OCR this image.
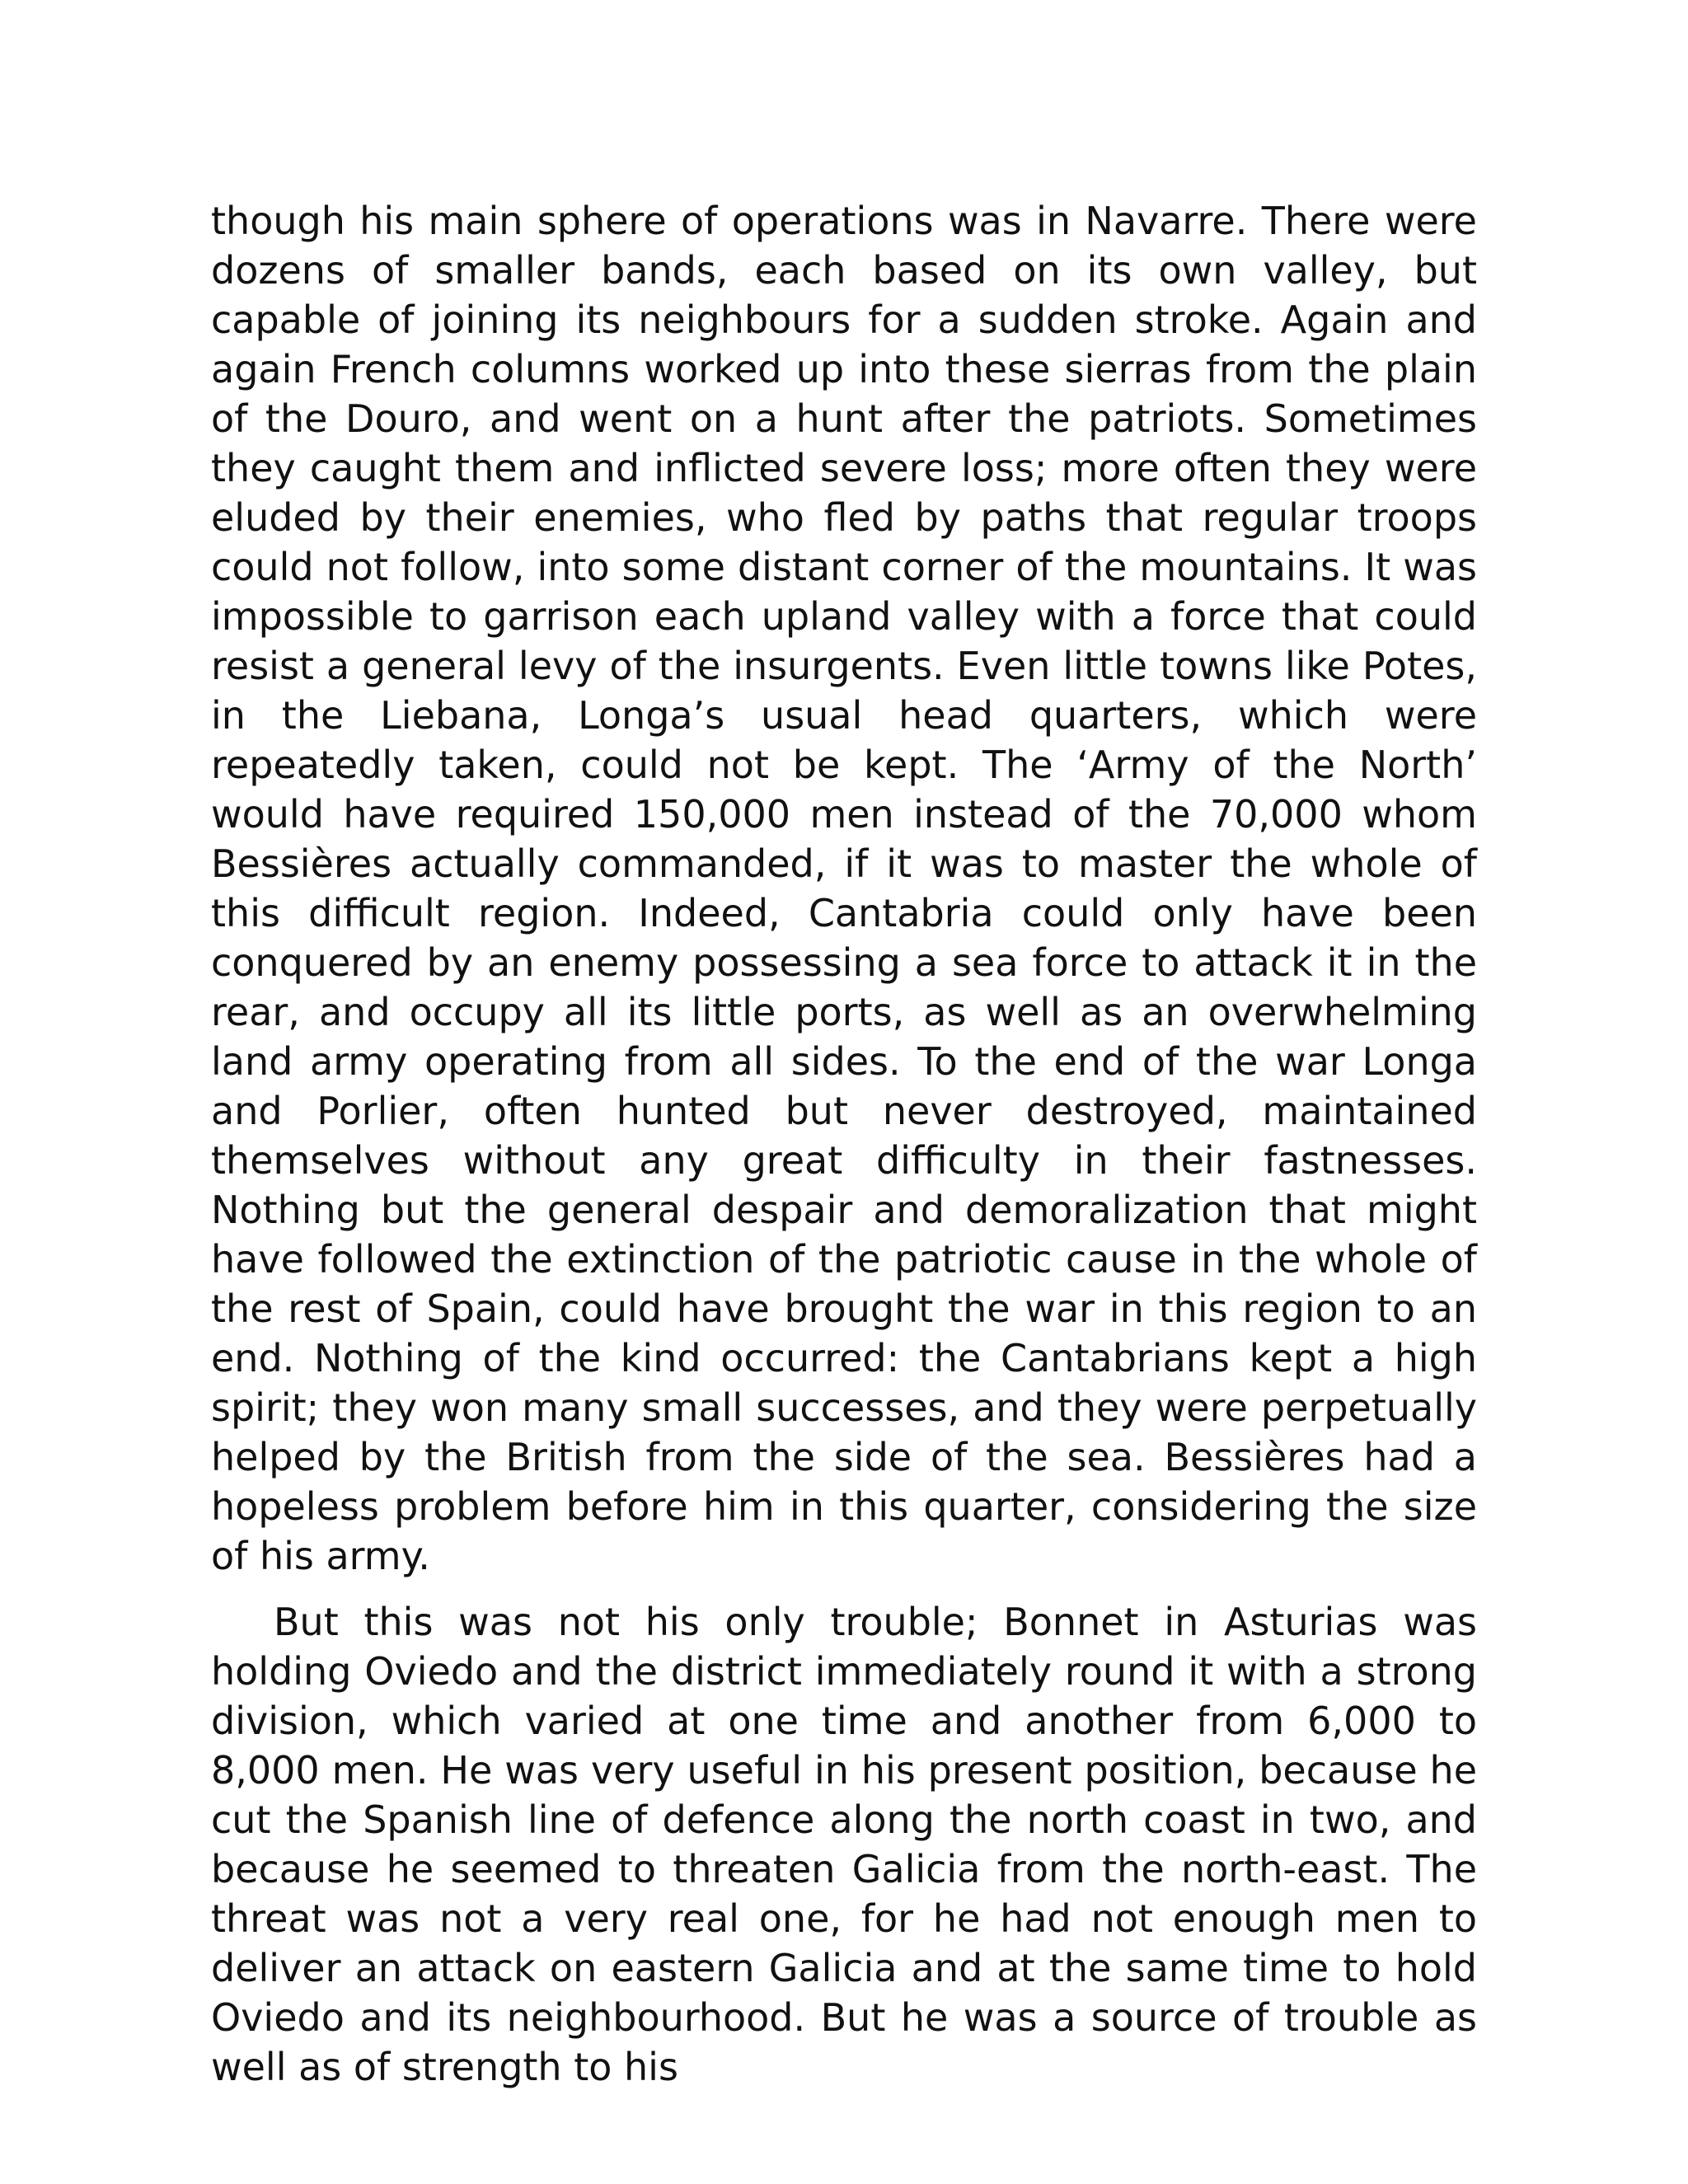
though his main sphere of operations was in Navarre. There were dozens of smaller bands, each based on its own valley, but capable of joining its neighbours for a sudden stroke. Again and again French columns worked up into these sierras from the plain of the Douro, and went on a hunt after the patriots. Sometimes they caught them and inflicted severe loss; more often they were eluded by their enemies, who fled by paths that regular troops could not follow, into some distant corner of the mountains. It was impossible to garrison each upland valley with a force that could resist a general levy of the insurgents. Even little towns like Potes, in the Liebana, Longa’s usual head quarters, which were repeatedly taken, could not be kept. The ‘Army of the North’ would have required 150,000 men instead of the 70,000 whom Bessières actually commanded, if it was to master the whole of this difficult region. Indeed, Cantabria could only have been conquered by an enemy possessing a sea force to attack it in the rear, and occupy all its little ports, as well as an overwhelming land army operating from all sides. To the end of the war Longa and Porlier, often hunted but never destroyed, maintained themselves without any great difficulty in their fastnesses. Nothing but the general despair and demoralization that might have followed the extinction of the patriotic cause in the whole of the rest of Spain, could have brought the war in this region to an end. Nothing of the kind occurred: the Cantabrians kept a high spirit; they won many small successes, and they were perpetually helped by the British from the side of the sea. Bessières had a hopeless problem before him in this quarter, considering the size of his army.

But this was not his only trouble; Bonnet in Asturias was holding Oviedo and the district immediately round it with a strong division, which varied at one time and another from 6,000 to 8,000 men. He was very useful in his present position, because he cut the Spanish line of defence along the north coast in two, and because he seemed to threaten Galicia from the north-east. The threat was not a very real one, for he had not enough men to deliver an attack on eastern Galicia and at the same time to hold Oviedo and its neighbourhood. But he was a source of trouble as well as of strength to his
